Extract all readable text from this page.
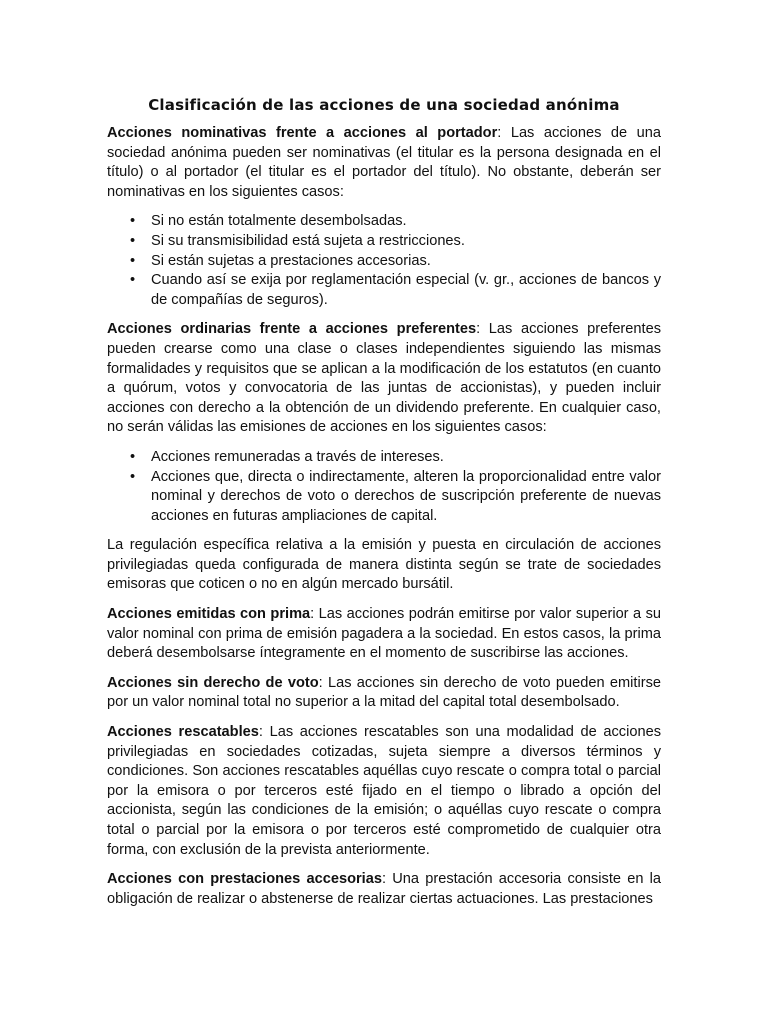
Clasificación de las acciones de una sociedad anónima

Acciones nominativas frente a acciones al portador: Las acciones de una sociedad anónima pueden ser nominativas (el titular es la persona designada en el título) o al portador (el titular es el portador del título). No obstante, deberán ser nominativas en los siguientes casos:

• Si no están totalmente desembolsadas.
• Si su transmisibilidad está sujeta a restricciones.
• Si están sujetas a prestaciones accesorias.
• Cuando así se exija por reglamentación especial (v. gr., acciones de bancos y de compañías de seguros).

Acciones ordinarias frente a acciones preferentes: Las acciones preferentes pueden crearse como una clase o clases independientes siguiendo las mismas formalidades y requisitos que se aplican a la modificación de los estatutos (en cuanto a quórum, votos y convocatoria de las juntas de accionistas), y pueden incluir acciones con derecho a la obtención de un dividendo preferente. En cualquier caso, no serán válidas las emisiones de acciones en los siguientes casos:

• Acciones remuneradas a través de intereses.
• Acciones que, directa o indirectamente, alteren la proporcionalidad entre valor nominal y derechos de voto o derechos de suscripción preferente de nuevas acciones en futuras ampliaciones de capital.

La regulación específica relativa a la emisión y puesta en circulación de acciones privilegiadas queda configurada de manera distinta según se trate de sociedades emisoras que coticen o no en algún mercado bursátil.

Acciones emitidas con prima: Las acciones podrán emitirse por valor superior a su valor nominal con prima de emisión pagadera a la sociedad. En estos casos, la prima deberá desembolsarse íntegramente en el momento de suscribirse las acciones.

Acciones sin derecho de voto: Las acciones sin derecho de voto pueden emitirse por un valor nominal total no superior a la mitad del capital total desembolsado.

Acciones rescatables: Las acciones rescatables son una modalidad de acciones privilegiadas en sociedades cotizadas, sujeta siempre a diversos términos y condiciones. Son acciones rescatables aquéllas cuyo rescate o compra total o parcial por la emisora o por terceros esté fijado en el tiempo o librado a opción del accionista, según las condiciones de la emisión; o aquéllas cuyo rescate o compra total o parcial por la emisora o por terceros esté comprometido de cualquier otra forma, con exclusión de la prevista anteriormente.

Acciones con prestaciones accesorias: Una prestación accesoria consiste en la obligación de realizar o abstenerse de realizar ciertas actuaciones. Las prestaciones
